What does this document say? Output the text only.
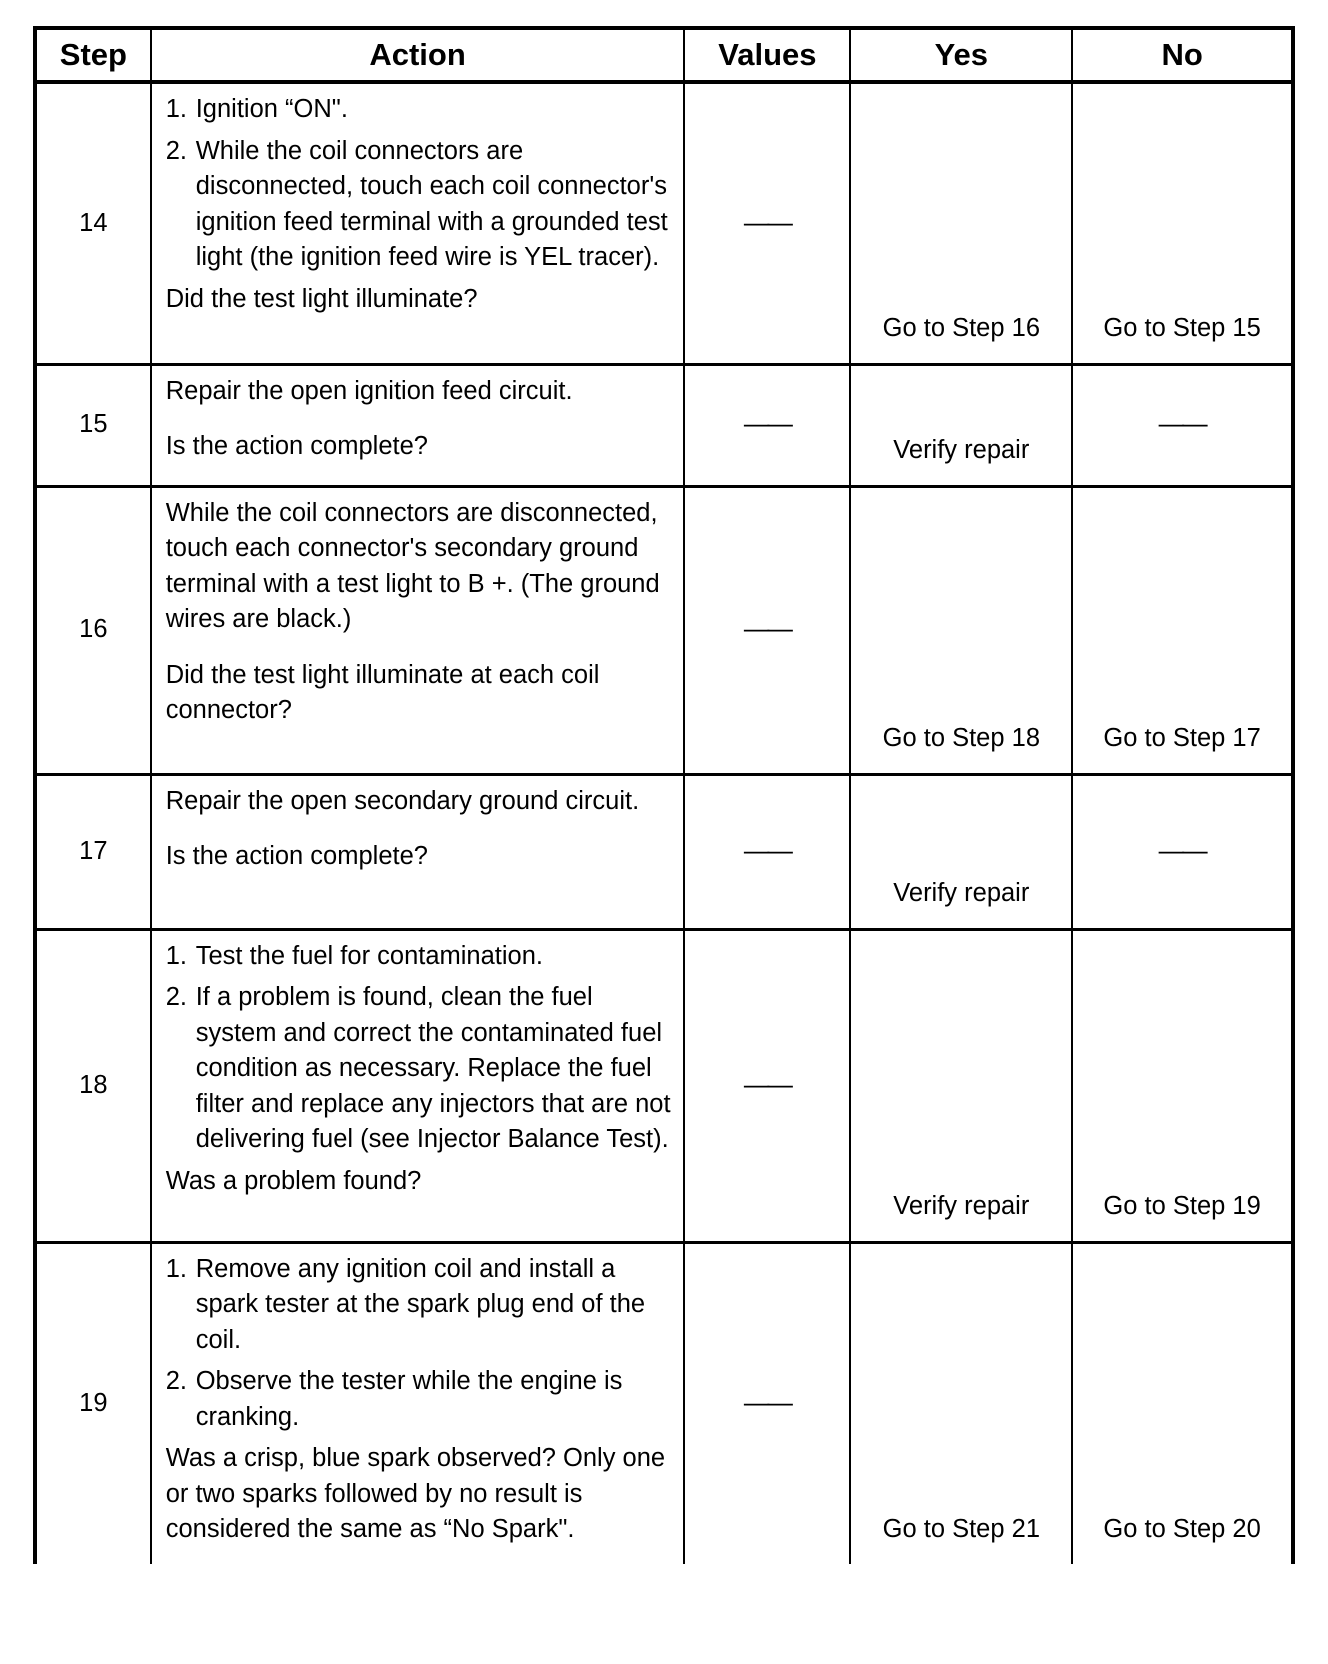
Step	Action	Values	Yes	No
14	1. Ignition “ON".
2. While the coil connectors are disconnected, touch each coil connector's ignition feed terminal with a grounded test light (the ignition feed wire is YEL tracer).
Did the test light illuminate?	——	Go to Step 16	Go to Step 15
15	Repair the open ignition feed circuit.
Is the action complete?	——	Verify repair	——
16	While the coil connectors are disconnected, touch each connector's secondary ground terminal with a test light to B +. (The ground wires are black.)
Did the test light illuminate at each coil connector?	——	Go to Step 18	Go to Step 17
17	Repair the open secondary ground circuit.
Is the action complete?	——	Verify repair	——
18	1. Test the fuel for contamination.
2. If a problem is found, clean the fuel system and correct the contaminated fuel condition as necessary. Replace the fuel filter and replace any injectors that are not delivering fuel (see Injector Balance Test).
Was a problem found?	——	Verify repair	Go to Step 19
19	1. Remove any ignition coil and install a spark tester at the spark plug end of the coil.
2. Observe the tester while the engine is cranking.
Was a crisp, blue spark observed? Only one or two sparks followed by no result is considered the same as “No Spark".	——	Go to Step 21	Go to Step 20
